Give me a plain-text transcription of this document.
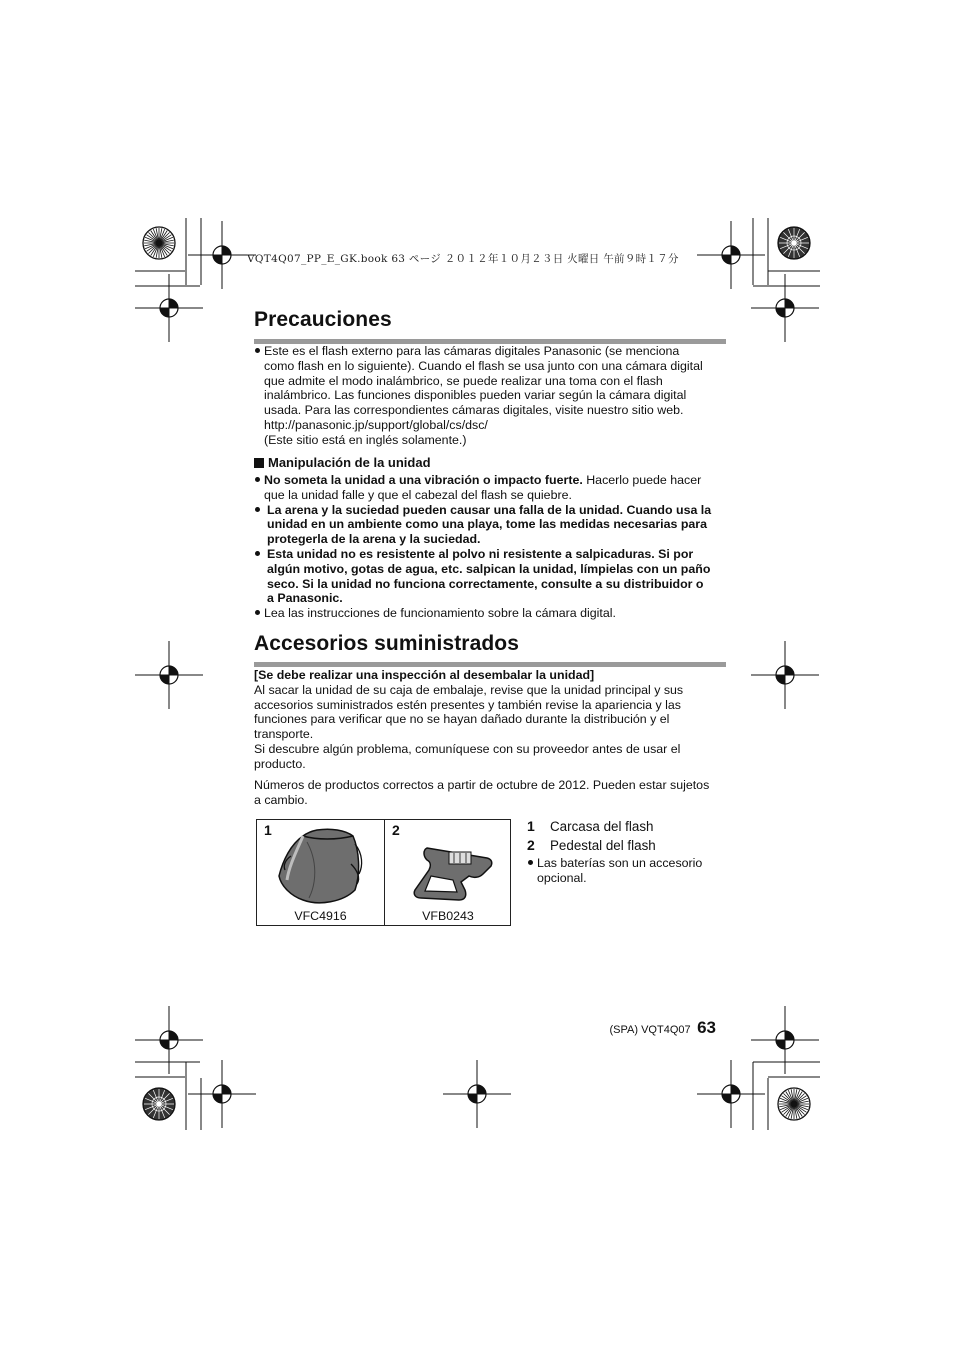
VQT4Q07_PP_E_GK.book 63 ページ ２０１２年１０月２３日 火曜日 午前９時１７分
Precauciones
Este es el flash externo para las cámaras digitales Panasonic (se menciona
como flash en lo siguiente). Cuando el flash se usa junto con una cámara digital
que admite el modo inalámbrico, se puede realizar una toma con el flash
inalámbrico. Las funciones disponibles pueden variar según la cámara digital
usada. Para las correspondientes cámaras digitales, visite nuestro sitio web.
http://panasonic.jp/support/global/cs/dsc/
(Este sitio está en inglés solamente.)
Manipulación de la unidad
No someta la unidad a una vibración o impacto fuerte. Hacerlo puede hacer
que la unidad falle y que el cabezal del flash se quiebre.
La arena y la suciedad pueden causar una falla de la unidad. Cuando usa la
unidad en un ambiente como una playa, tome las medidas necesarias para
protegerla de la arena y la suciedad.
Esta unidad no es resistente al polvo ni resistente a salpicaduras. Si por
algún motivo, gotas de agua, etc. salpican la unidad, límpielas con un paño
seco. Si la unidad no funciona correctamente, consulte a su distribuidor o
a Panasonic.
Lea las instrucciones de funcionamiento sobre la cámara digital.
Accesorios suministrados
[Se debe realizar una inspección al desembalar la unidad]
Al sacar la unidad de su caja de embalaje, revise que la unidad principal y sus
accesorios suministrados estén presentes y también revise la apariencia y las
funciones para verificar que no se hayan dañado durante la distribución y el
transporte.
Si descubre algún problema, comuníquese con su proveedor antes de usar el
producto.
Números de productos correctos a partir de octubre de 2012. Pueden estar sujetos
a cambio.
1
VFC4916
2
VFB0243
1 Carcasa del flash
2 Pedestal del flash
Las baterías son un accesorio
opcional.
(SPA) VQT4Q07 63
